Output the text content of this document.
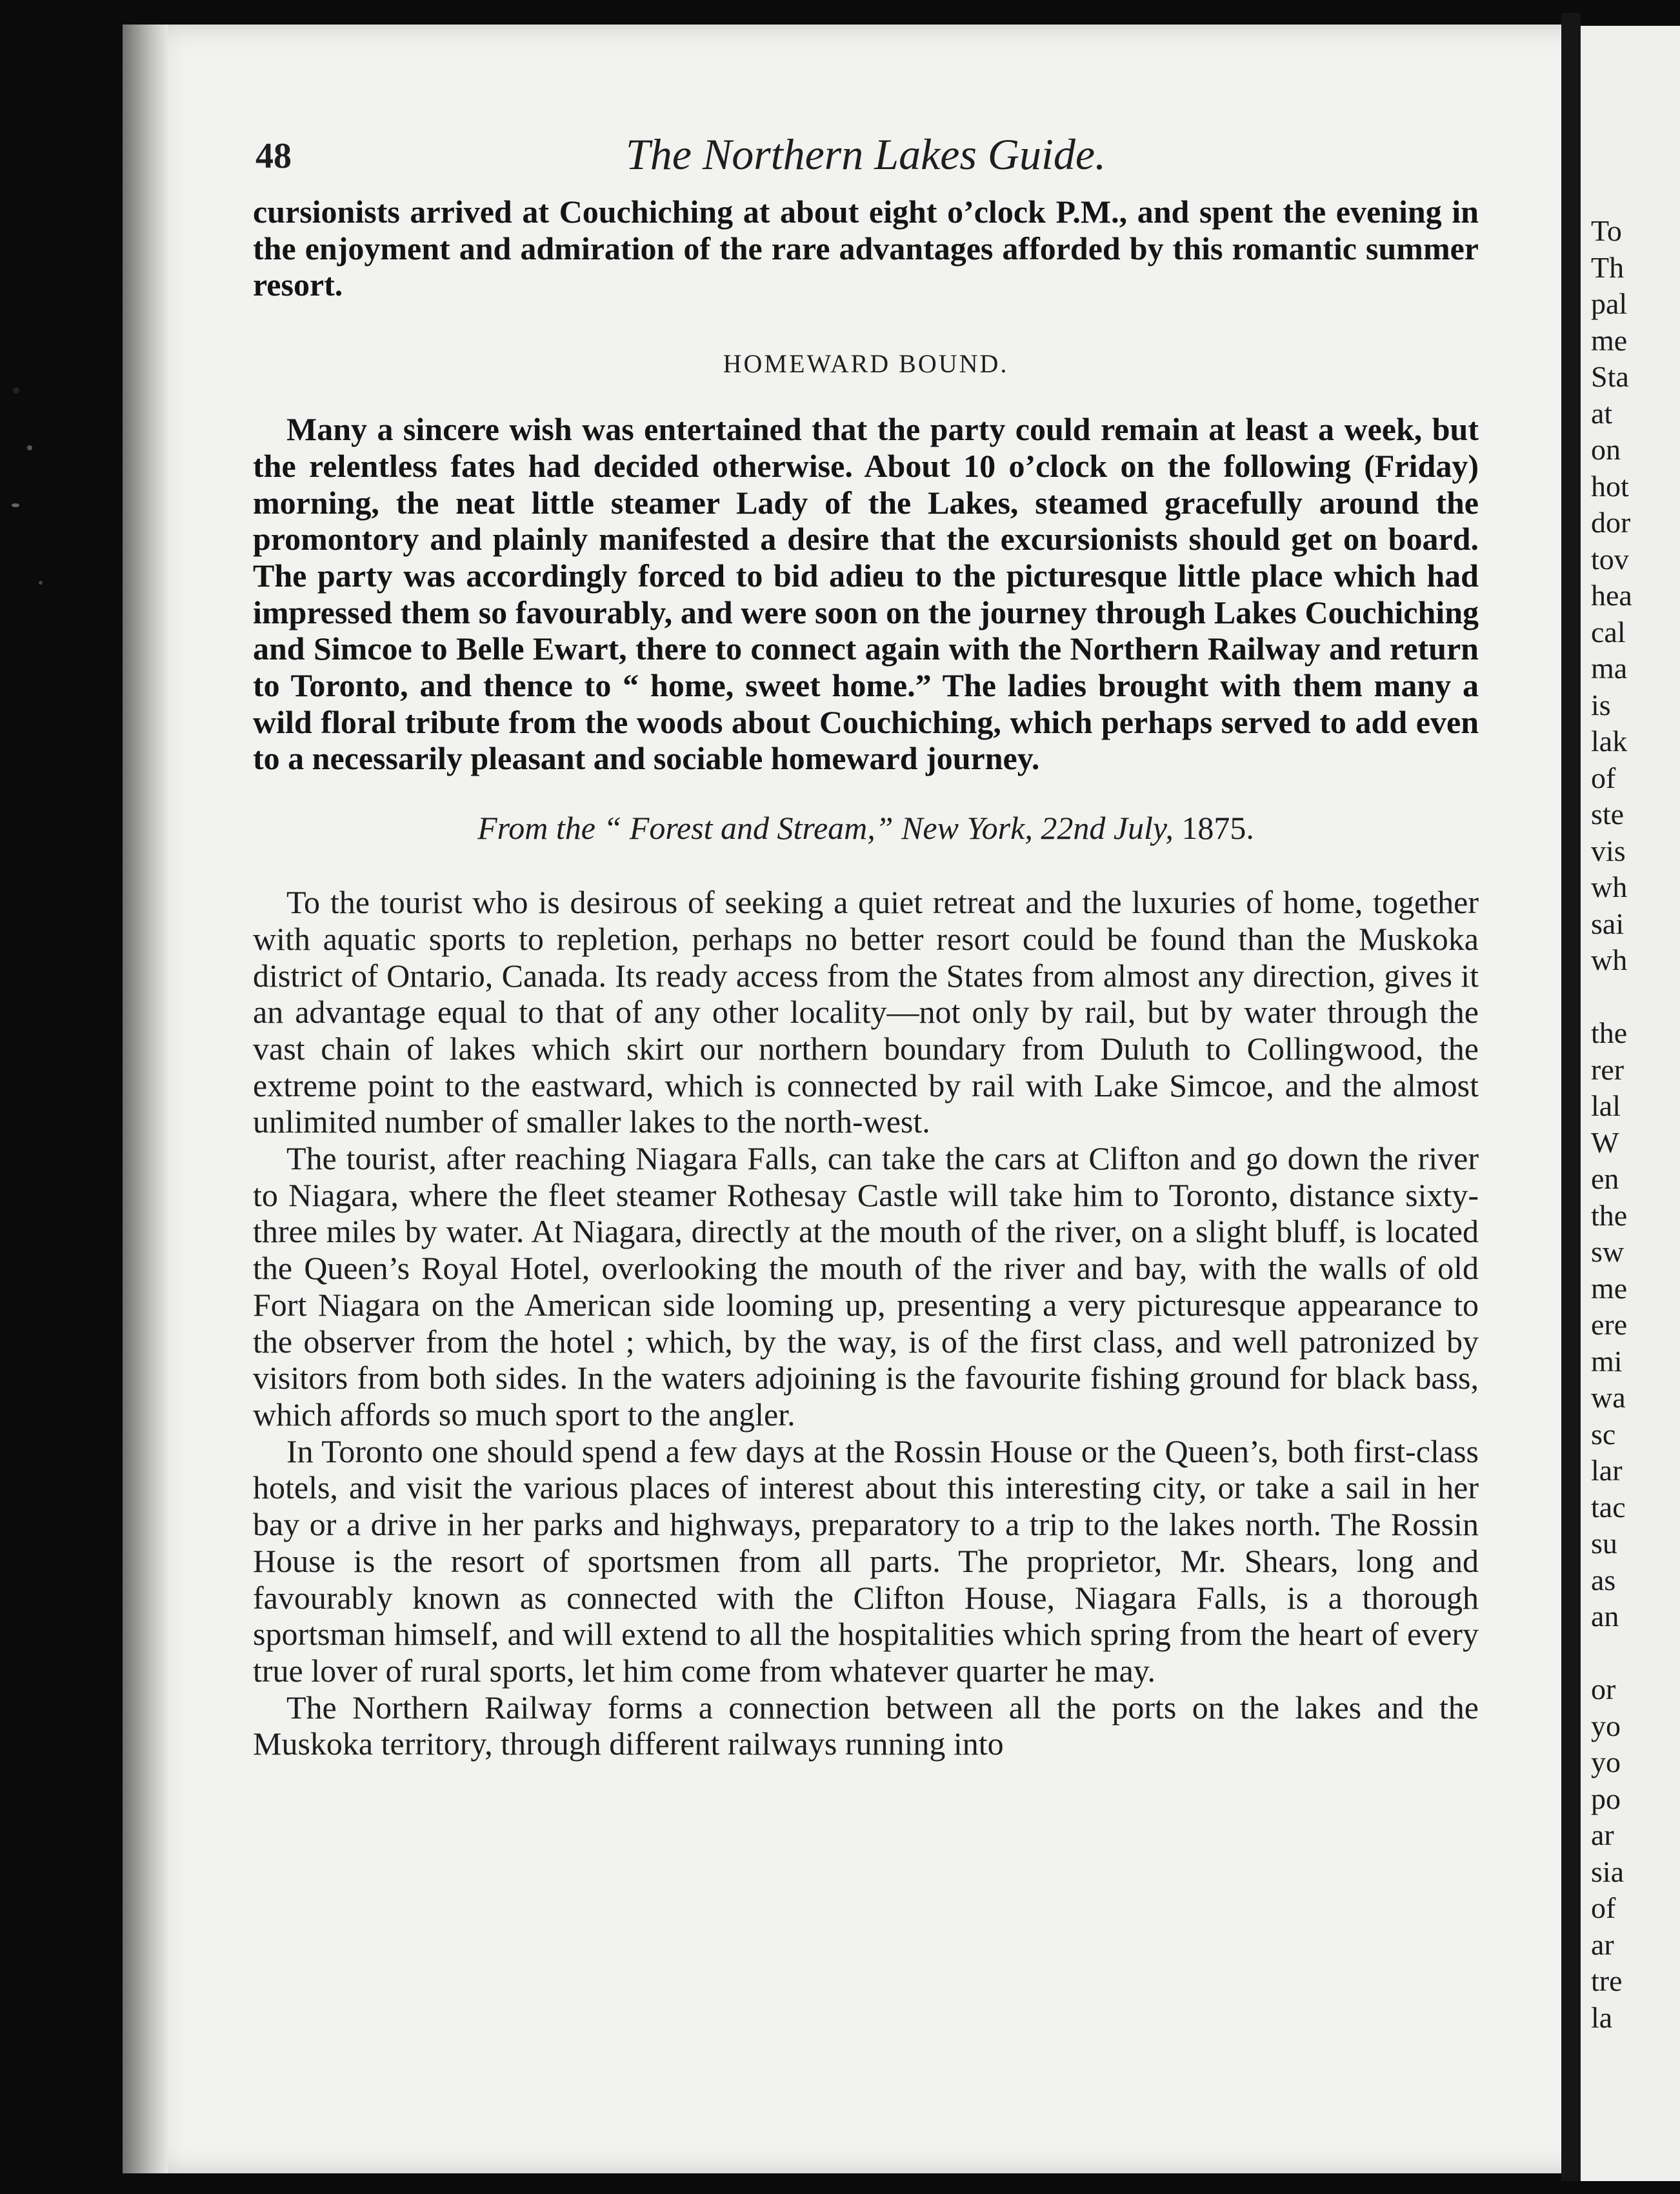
To
Th
pal
me
Sta
at
on
hot
dor
tov
hea
cal
ma
is
lak
of
ste
vis
wh
sai
wh
the
rer
lal
W
en
the
sw
me
ere
mi
wa
sc
lar
tac
su
as
an
or
yo
yo
po
ar
sia
of
ar
tre
la
48	The Northern Lakes Guide.

cursionists arrived at Couchiching at about eight o’clock P.M., and spent the evening in the enjoyment and admiration of the rare advantages afforded by this romantic summer resort.

HOMEWARD BOUND.

Many a sincere wish was entertained that the party could remain at least a week, but the relentless fates had decided otherwise. About 10 o’clock on the following (Friday) morning, the neat little steamer Lady of the Lakes, steamed gracefully around the promontory and plainly manifested a desire that the excursionists should get on board. The party was accordingly forced to bid adieu to the picturesque little place which had impressed them so favourably, and were soon on the journey through Lakes Couchiching and Simcoe to Belle Ewart, there to connect again with the Northern Railway and return to Toronto, and thence to “ home, sweet home.” The ladies brought with them many a wild floral tribute from the woods about Couchiching, which perhaps served to add even to a necessarily pleasant and sociable homeward journey.

From the “ Forest and Stream,” New York, 22nd July, 1875.

To the tourist who is desirous of seeking a quiet retreat and the luxuries of home, together with aquatic sports to repletion, perhaps no better resort could be found than the Muskoka district of Ontario, Canada. Its ready access from the States from almost any direction, gives it an advantage equal to that of any other locality—not only by rail, but by water through the vast chain of lakes which skirt our northern boundary from Duluth to Collingwood, the extreme point to the eastward, which is connected by rail with Lake Simcoe, and the almost unlimited number of smaller lakes to the north-west.

The tourist, after reaching Niagara Falls, can take the cars at Clifton and go down the river to Niagara, where the fleet steamer Rothesay Castle will take him to Toronto, distance sixty-three miles by water. At Niagara, directly at the mouth of the river, on a slight bluff, is located the Queen’s Royal Hotel, overlooking the mouth of the river and bay, with the walls of old Fort Niagara on the American side looming up, presenting a very picturesque appearance to the observer from the hotel ; which, by the way, is of the first class, and well patronized by visitors from both sides. In the waters adjoining is the favourite fishing ground for black bass, which affords so much sport to the angler.

In Toronto one should spend a few days at the Rossin House or the Queen’s, both first-class hotels, and visit the various places of interest about this interesting city, or take a sail in her bay or a drive in her parks and highways, preparatory to a trip to the lakes north. The Rossin House is the resort of sportsmen from all parts. The proprietor, Mr. Shears, long and favourably known as connected with the Clifton House, Niagara Falls, is a thorough sportsman himself, and will extend to all the hospitalities which spring from the heart of every true lover of rural sports, let him come from whatever quarter he may.

The Northern Railway forms a connection between all the ports on the lakes and the Muskoka territory, through different railways running into
